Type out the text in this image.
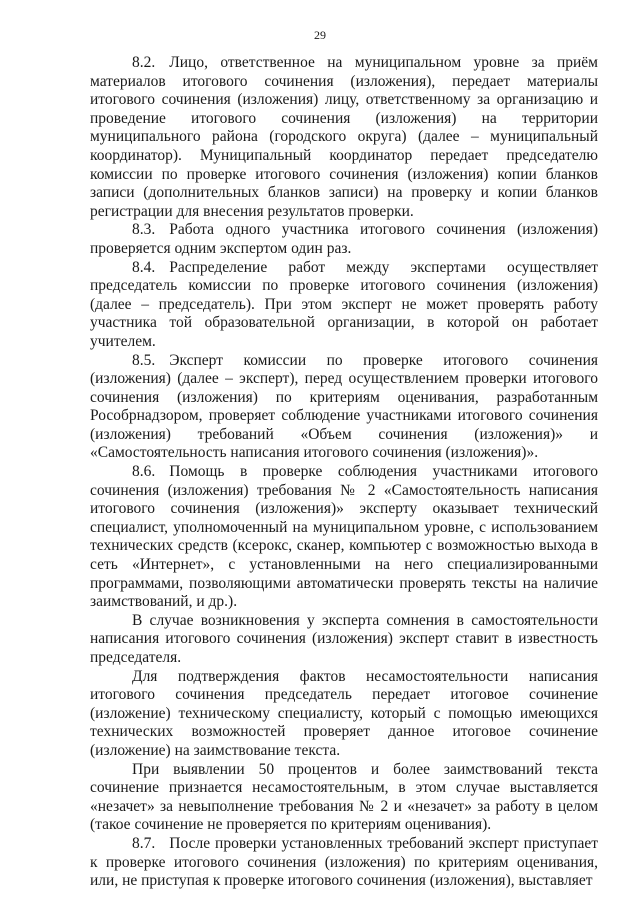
29

8.2. Лицо, ответственное на муниципальном уровне за приём материалов итогового сочинения (изложения), передает материалы итогового сочинения (изложения) лицу, ответственному за организацию и проведение итогового сочинения (изложения) на территории муниципального района (городского округа) (далее – муниципальный координатор). Муниципальный координатор передает председателю комиссии по проверке итогового сочинения (изложения) копии бланков записи (дополнительных бланков записи) на проверку и копии бланков регистрации для внесения результатов проверки.

8.3. Работа одного участника итогового сочинения (изложения) проверяется одним экспертом один раз.

8.4. Распределение работ между экспертами осуществляет председатель комиссии по проверке итогового сочинения (изложения) (далее – председатель). При этом эксперт не может проверять работу участника той образовательной организации, в которой он работает учителем.

8.5. Эксперт комиссии по проверке итогового сочинения (изложения) (далее – эксперт), перед осуществлением проверки итогового сочинения (изложения) по критериям оценивания, разработанным Рособрнадзором, проверяет соблюдение участниками итогового сочинения (изложения) требований «Объем сочинения (изложения)» и «Самостоятельность написания итогового сочинения (изложения)».

8.6. Помощь в проверке соблюдения участниками итогового сочинения (изложения) требования № 2 «Самостоятельность написания итогового сочинения (изложения)» эксперту оказывает технический специалист, уполномоченный на муниципальном уровне, с использованием технических средств (ксерокс, сканер, компьютер с возможностью выхода в сеть «Интернет», с установленными на него специализированными программами, позволяющими автоматически проверять тексты на наличие заимствований, и др.).

В случае возникновения у эксперта сомнения в самостоятельности написания итогового сочинения (изложения) эксперт ставит в известность председателя.

Для подтверждения фактов несамостоятельности написания итогового сочинения председатель передает итоговое сочинение (изложение) техническому специалисту, который с помощью имеющихся технических возможностей проверяет данное итоговое сочинение (изложение) на заимствование текста.

При выявлении 50 процентов и более заимствований текста сочинение признается несамостоятельным, в этом случае выставляется «незачет» за невыполнение требования № 2 и «незачет» за работу в целом (такое сочинение не проверяется по критериям оценивания).

8.7. После проверки установленных требований эксперт приступает к проверке итогового сочинения (изложения) по критериям оценивания, или, не приступая к проверке итогового сочинения (изложения), выставляет
